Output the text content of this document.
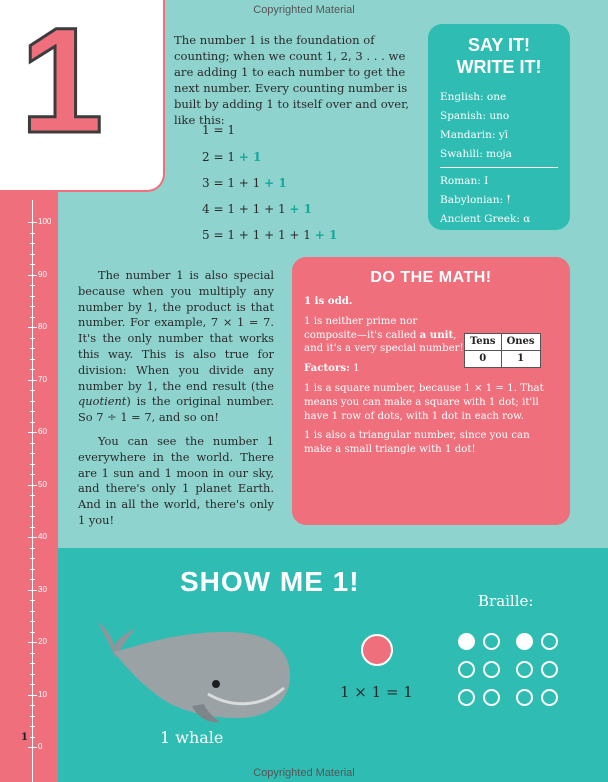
100
90
80
70
60
50
40
30
20
10
0
1	Copyrighted Material
Copyrighted Material
The number 1 is the foundation of counting; when we count 1, 2, 3 . . . we are adding 1 to each number to get the next number. Every counting number is built by adding 1 to itself over and over, like this:
1 = 1
2 = 1 + 1
3 = 1 + 1 + 1
4 = 1 + 1 + 1 + 1
5 = 1 + 1 + 1 + 1 + 1
SAY IT!
WRITE IT!
English: one
Spanish: uno
Mandarin: yī
Swahili: moja
Roman: I
Babylonian: 𒁹
Ancient Greek: α

The number 1 is also special because when you multiply any number by 1, the product is that number. For example, 7 × 1 = 7. It's the only number that works this way. This is also true for division: When you divide any number by 1, the end result (the quotient) is the original number. So 7 ÷ 1 = 7, and so on!

You can see the number 1 everywhere in the world. There are 1 sun and 1 moon in our sky, and there's only 1 planet Earth. And in all the world, there's only 1 you!

DO THE MATH!
1 is odd.
1 is neither prime nor composite—it's called a unit, and it's a very special number!
Factors: 1
1 is a square number, because 1 × 1 = 1. That means you can make a square with 1 dot; it'll have 1 row of dots, with 1 dot in each row.
1 is also a triangular number, since you can make a small triangle with 1 dot!
Tens	Ones
0	1
SHOW ME 1!
1 whale
1 × 1 = 1
Braille:
1
